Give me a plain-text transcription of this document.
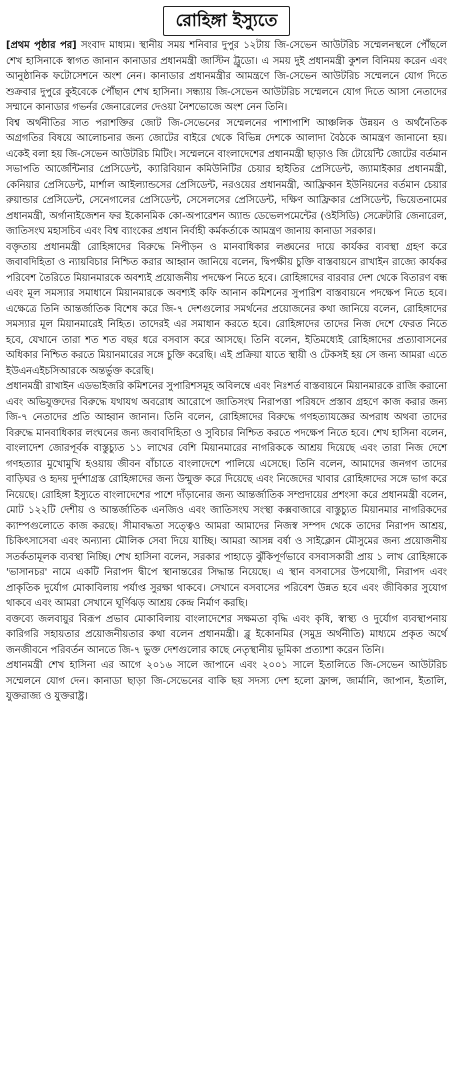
রোহিঙ্গা ইস্যুতে

[প্রথম পৃষ্ঠার পর] সংবাদ মাধ্যম। স্থানীয় সময় শনিবার দুপুর ১২টায় জি-সেভেন আউটরিচ সম্মেলনস্থলে পৌঁছলে শেখ হাসিনাকে স্বাগত জানান কানাডার প্রধানমন্ত্রী জাস্টিন ট্রুডো। এ সময় দুই প্রধানমন্ত্রী কুশল বিনিময় করেন এবং আনুষ্ঠানিক ফটোসেশনে অংশ নেন। কানাডার প্রধানমন্ত্রীর আমন্ত্রণে জি-সেভেন আউটরিচ সম্মেলনে যোগ দিতে শুক্রবার দুপুরে কুইবেকে পৌঁছান শেখ হাসিনা। সন্ধ্যায় জি-সেভেন আউটরিচ সম্মেলনে যোগ দিতে আসা নেতাদের সম্মানে কানাডার গভর্নর জেনারেলের দেওয়া নৈশভোজে অংশ নেন তিনি।

বিশ্ব অর্থনীতির সাত পরাশক্তির জোট জি-সেভেনের সম্মেলনের পাশাপাশি আঞ্চলিক উন্নয়ন ও অর্থনৈতিক অগ্রগতির বিষয়ে আলোচনার জন্য জোটের বাইরে থেকে বিভিন্ন দেশকে আলাদা বৈঠকে আমন্ত্রণ জানানো হয়। একেই বলা হয় জি-সেভেন আউটরিচ মিটিং। সম্মেলনে বাংলাদেশের প্রধানমন্ত্রী ছাড়াও জি টোয়েন্টি জোটের বর্তমান সভাপতি আর্জেন্টিনার প্রেসিডেন্ট, ক্যারিবিয়ান কমিউনিটির চেয়ার হাইতির প্রেসিডেন্ট, জ্যামাইকার প্রধানমন্ত্রী, কেনিয়ার প্রেসিডেন্ট, মার্শাল আইল্যান্ডসের প্রেসিডেন্ট, নরওয়ের প্রধানমন্ত্রী, আফ্রিকান ইউনিয়নের বর্তমান চেয়ার রুয়ান্ডার প্রেসিডেন্ট, সেনেগালের প্রেসিডেন্ট, সেসেলসের প্রেসিডেন্ট, দক্ষিণ আফ্রিকার প্রেসিডেন্ট, ভিয়েতনামের প্রধানমন্ত্রী, অর্গানাইজেশন ফর ইকোনমিক কো-অপারেশন অ্যান্ড ডেভেলপমেন্টের (ওইসিডি) সেক্রেটারি জেনারেল, জাতিসংঘ মহাসচিব এবং বিশ্ব ব্যাংকের প্রধান নির্বাহী কর্মকর্তাকে আমন্ত্রণ জানায় কানাডা সরকার।

বক্তৃতায় প্রধানমন্ত্রী রোহিঙ্গাদের বিরুদ্ধে নিপীড়ন ও মানবাধিকার লঙ্ঘনের দায়ে কার্যকর ব্যবস্থা গ্রহণ করে জবাবদিহিতা ও ন্যায়বিচার নিশ্চিত করার আহ্বান জানিয়ে বলেন, দ্বিপক্ষীয় চুক্তি বাস্তবায়নে রাখাইন রাজ্যে কার্যকর পরিবেশ তৈরিতে মিয়ানমারকে অবশ্যই প্রয়োজনীয় পদক্ষেপ নিতে হবে। রোহিঙ্গাদের বারবার দেশ থেকে বিতারণ বন্ধ এবং মূল সমস্যার সমাধানে মিয়ানমারকে অবশ্যই কফি আনান কমিশনের সুপারিশ বাস্তবায়নে পদক্ষেপ নিতে হবে। এক্ষেত্রে তিনি আন্তর্জাতিক বিশেষ করে জি-৭ দেশগুলোর সমর্থনের প্রয়োজনের কথা জানিয়ে বলেন, রোহিঙ্গাদের সমস্যার মূল মিয়ানমারেই নিহিত। তাদেরই এর সমাধান করতে হবে। রোহিঙ্গাদের তাদের নিজ দেশে ফেরত নিতে হবে, যেখানে তারা শত শত বছর ধরে বসবাস করে আসছে। তিনি বলেন, ইতিমধ্যেই রোহিঙ্গাদের প্রত্যাবাসনের অধিকার নিশ্চিত করতে মিয়ানমারের সঙ্গে চুক্তি করেছি। এই প্রক্রিয়া যাতে স্থায়ী ও টেকসই হয় সে জন্য আমরা এতে ইউএনএইচসিআরকে অন্তর্ভুক্ত করেছি।

প্রধানমন্ত্রী রাখাইন এডভাইজরি কমিশনের সুপারিশসমূহ অবিলম্বে এবং নিঃশর্ত বাস্তবায়নে মিয়ানমারকে রাজি করানো এবং অভিযুক্তদের বিরুদ্ধে যথাযথ অবরোধ আরোপে জাতিসংঘ নিরাপত্তা পরিষদে প্রস্তাব গ্রহণে কাজ করার জন্য জি-৭ নেতাদের প্রতি আহ্বান জানান। তিনি বলেন, রোহিঙ্গাদের বিরুদ্ধে গণহত্যাযজ্ঞের অপরাধ অথবা তাদের বিরুদ্ধে মানবাধিকার লংঘনের জন্য জবাবদিহিতা ও সুবিচার নিশ্চিত করতে পদক্ষেপ নিতে হবে। শেখ হাসিনা বলেন, বাংলাদেশ জোরপূর্বক বাস্তুচ্যুত ১১ লাখের বেশি মিয়ানমারের নাগরিককে আশ্রয় দিয়েছে এবং তারা নিজ দেশে গণহত্যার মুখোমুখি হওয়ায় জীবন বাঁচাতে বাংলাদেশে পালিয়ে এসেছে। তিনি বলেন, আমাদের জনগণ তাদের বাড়িঘর ও হৃদয় দুর্দশাগ্রস্ত রোহিঙ্গাদের জন্য উন্মুক্ত করে দিয়েছে এবং নিজেদের খাবার রোহিঙ্গাদের সঙ্গে ভাগ করে নিয়েছে। রোহিঙ্গা ইস্যুতে বাংলাদেশের পাশে দাঁড়ানোর জন্য আন্তর্জাতিক সম্প্রদায়ের প্রশংসা করে প্রধানমন্ত্রী বলেন, মোট ১২২টি দেশীয় ও আন্তর্জাতিক এনজিও এবং জাতিসংঘ সংস্থা কক্সবাজারে বাস্তুচ্যুত মিয়ানমার নাগরিকদের ক্যাম্পগুলোতে কাজ করছে। সীমাবদ্ধতা সত্ত্বেও আমরা আমাদের নিজস্ব সম্পদ থেকে তাদের নিরাপদ আশ্রয়, চিকিৎসাসেবা এবং অন্যান্য মৌলিক সেবা দিয়ে যাচ্ছি। আমরা আসন্ন বর্ষা ও সাইক্লোন মৌসুমের জন্য প্রয়োজনীয় সতর্কতামূলক ব্যবস্থা নিচ্ছি। শেখ হাসিনা বলেন, সরকার পাহাড়ে ঝুঁকিপূর্ণভাবে বসবাসকারী প্রায় ১ লাখ রোহিঙ্গাকে 'ভাসানচর' নামে একটি নিরাপদ দ্বীপে স্থানান্তরের সিদ্ধান্ত নিয়েছে। এ স্থান বসবাসের উপযোগী, নিরাপদ এবং প্রাকৃতিক দুর্যোগ মোকাবিলায় পর্যাপ্ত সুরক্ষা থাকবে। সেখানে বসবাসের পরিবেশ উন্নত হবে এবং জীবিকার সুযোগ থাকবে এবং আমরা সেখানে ঘূর্ণিঝড় আশ্রয় কেন্দ্র নির্মাণ করছি।

বক্তব্যে জলবায়ুর বিরূপ প্রভাব মোকাবিলায় বাংলাদেশের সক্ষমতা বৃদ্ধি এবং কৃষি, স্বাস্থ্য ও দুর্যোগ ব্যবস্থাপনায় কারিগরি সহায়তার প্রয়োজনীয়তার কথা বলেন প্রধানমন্ত্রী। ব্লু ইকোনমির (সমুদ্র অর্থনীতি) মাধ্যমে প্রকৃত অর্থে জনজীবনে পরিবর্তন আনতে জি-৭ ভুক্ত দেশগুলোর কাছে নেতৃস্থানীয় ভূমিকা প্রত্যাশা করেন তিনি।

প্রধানমন্ত্রী শেখ হাসিনা এর আগে ২০১৬ সালে জাপানে এবং ২০০১ সালে ইতালিতে জি-সেভেন আউটরিচ সম্মেলনে যোগ দেন। কানাডা ছাড়া জি-সেভেনের বাকি ছয় সদস্য দেশ হলো ফ্রান্স, জার্মানি, জাপান, ইতালি, যুক্তরাজ্য ও যুক্তরাষ্ট্র।
